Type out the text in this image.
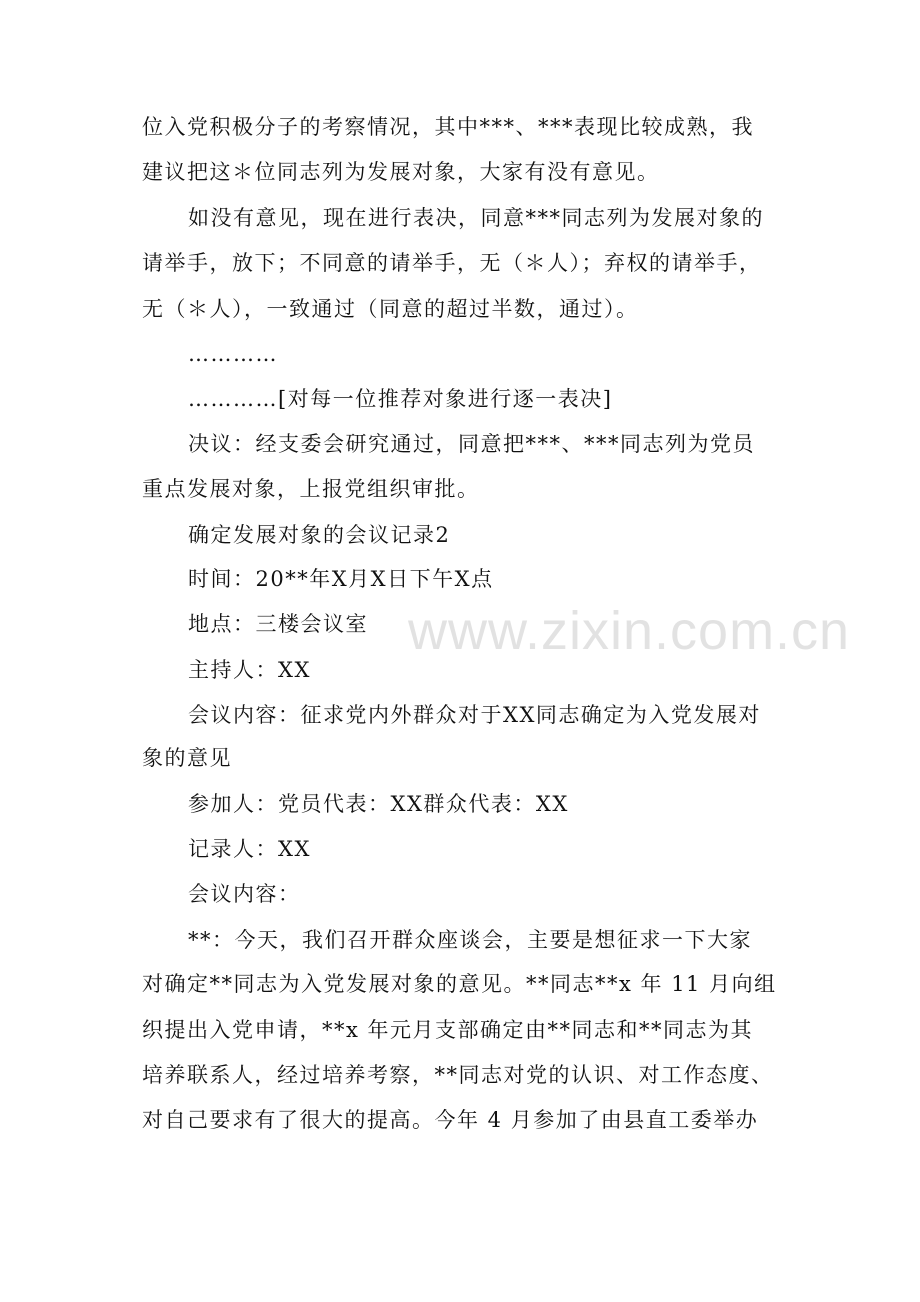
位入党积极分子的考察情况，其中***、***表现比较成熟，我
建议把这＊位同志列为发展对象，大家有没有意见。
如没有意见，现在进行表决，同意***同志列为发展对象的
请举手，放下；不同意的请举手，无（＊人）；弃权的请举手，
无（＊人），一致通过（同意的超过半数，通过）。
…………
…………[对每一位推荐对象进行逐一表决]
决议：经支委会研究通过，同意把***、***同志列为党员
重点发展对象，上报党组织审批。
确定发展对象的会议记录2
时间：20**年X月X日下午X点
地点：三楼会议室
主持人：XX
会议内容：征求党内外群众对于XX同志确定为入党发展对
象的意见
参加人：党员代表：XX群众代表：XX
记录人：XX
会议内容：
**：今天，我们召开群众座谈会，主要是想征求一下大家
对确定**同志为入党发展对象的意见。**同志**x 年 11 月向组
织提出入党申请，**x 年元月支部确定由**同志和**同志为其
培养联系人，经过培养考察，**同志对党的认识、对工作态度、
对自己要求有了很大的提高。今年 4 月参加了由县直工委举办
www.zixin.com.cn
